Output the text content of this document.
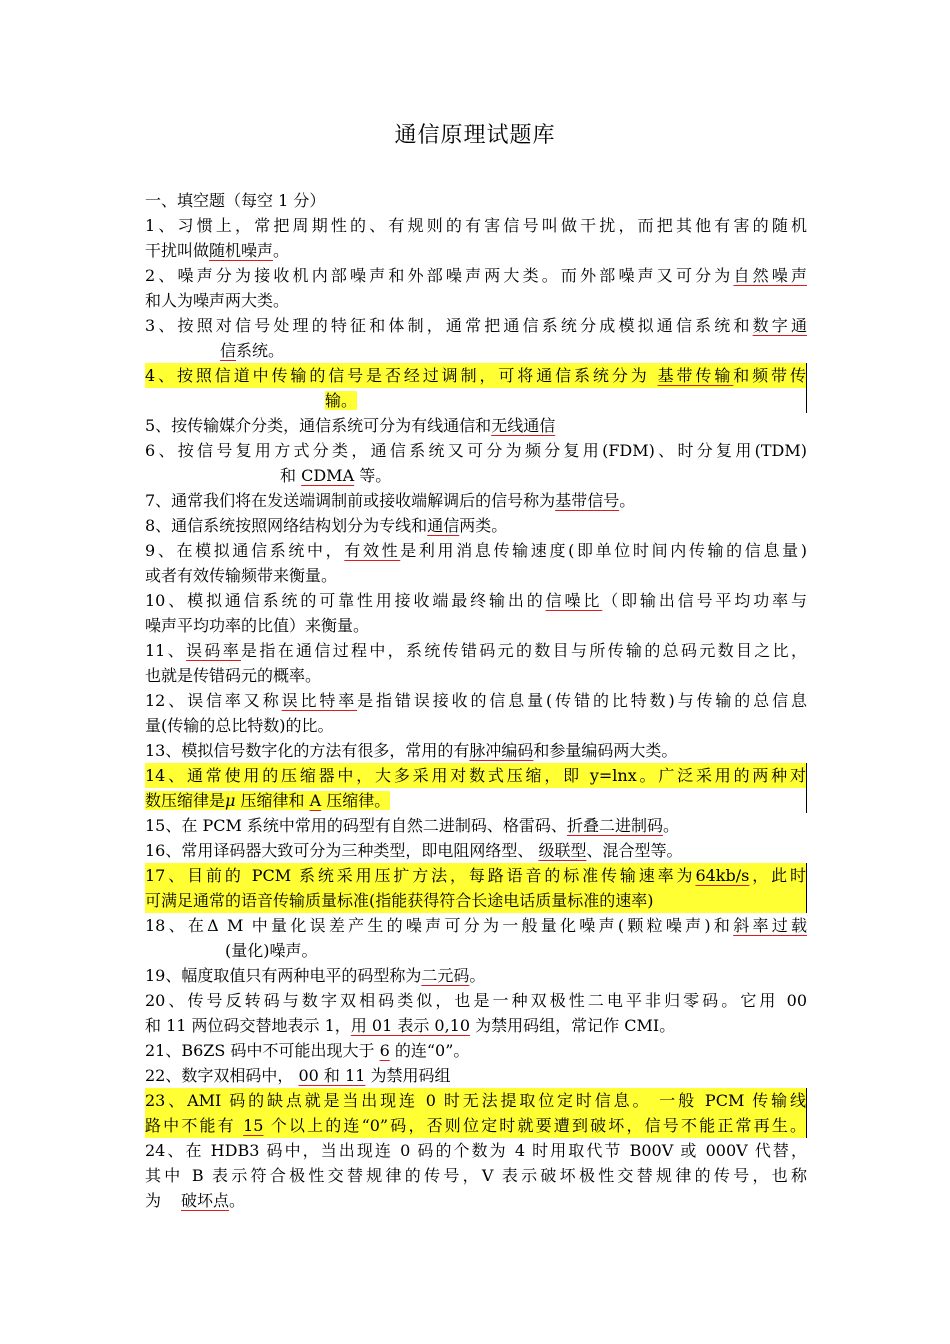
通信原理试题库
一、填空题（每空 1 分）
1、习惯上，常把周期性的、有规则的有害信号叫做干扰，而把其他有害的随机
干扰叫做随机噪声。
2、噪声分为接收机内部噪声和外部噪声两大类。而外部噪声又可分为自然噪声
和人为噪声两大类。
3、按照对信号处理的特征和体制，通常把通信系统分成模拟通信系统和数字通
信系统。
4、按照信道中传输的信号是否经过调制，可将通信系统分为 基带传输和频带传
输。
5、按传输媒介分类，通信系统可分为有线通信和无线通信
6、按信号复用方式分类，通信系统又可分为频分复用(FDM)、时分复用(TDM)
和 CDMA 等。
7、通常我们将在发送端调制前或接收端解调后的信号称为基带信号。
8、通信系统按照网络结构划分为专线和通信两类。
9、在模拟通信系统中，有效性是利用消息传输速度(即单位时间内传输的信息量)
或者有效传输频带来衡量。
10、模拟通信系统的可靠性用接收端最终输出的信噪比（即输出信号平均功率与
噪声平均功率的比值）来衡量。
11、误码率是指在通信过程中，系统传错码元的数目与所传输的总码元数目之比，
也就是传错码元的概率。
12、误信率又称误比特率是指错误接收的信息量(传错的比特数)与传输的总信息
量(传输的总比特数)的比。
13、模拟信号数字化的方法有很多，常用的有脉冲编码和参量编码两大类。
14、通常使用的压缩器中，大多采用对数式压缩，即 y=lnx。广泛采用的两种对
数压缩律是μ 压缩律和 A 压缩律。
15、在 PCM 系统中常用的码型有自然二进制码、格雷码、折叠二进制码。
16、常用译码器大致可分为三种类型，即电阻网络型、 级联型、混合型等。
17、目前的 PCM 系统采用压扩方法，每路语音的标准传输速率为64kb/s，此时
可满足通常的语音传输质量标准(指能获得符合长途电话质量标准的速率)
18、在Δ M 中量化误差产生的噪声可分为一般量化噪声(颗粒噪声)和斜率过载
(量化)噪声。
19、幅度取值只有两种电平的码型称为二元码。
20、传号反转码与数字双相码类似，也是一种双极性二电平非归零码。它用 00
和 11 两位码交替地表示 1，用 01 表示 0,10 为禁用码组，常记作 CMI。
21、B6ZS 码中不可能出现大于 6 的连“0”。
22、数字双相码中， 00 和 11 为禁用码组
23、AMI 码的缺点就是当出现连 0 时无法提取位定时信息。 一般 PCM 传输线
路中不能有 15 个以上的连“0”码，否则位定时就要遭到破坏，信号不能正常再生。
24、在 HDB3 码中，当出现连 0 码的个数为 4 时用取代节 B00V 或 000V 代替，
其中 B 表示符合极性交替规律的传号，V 表示破坏极性交替规律的传号，也称
为 破坏点。
